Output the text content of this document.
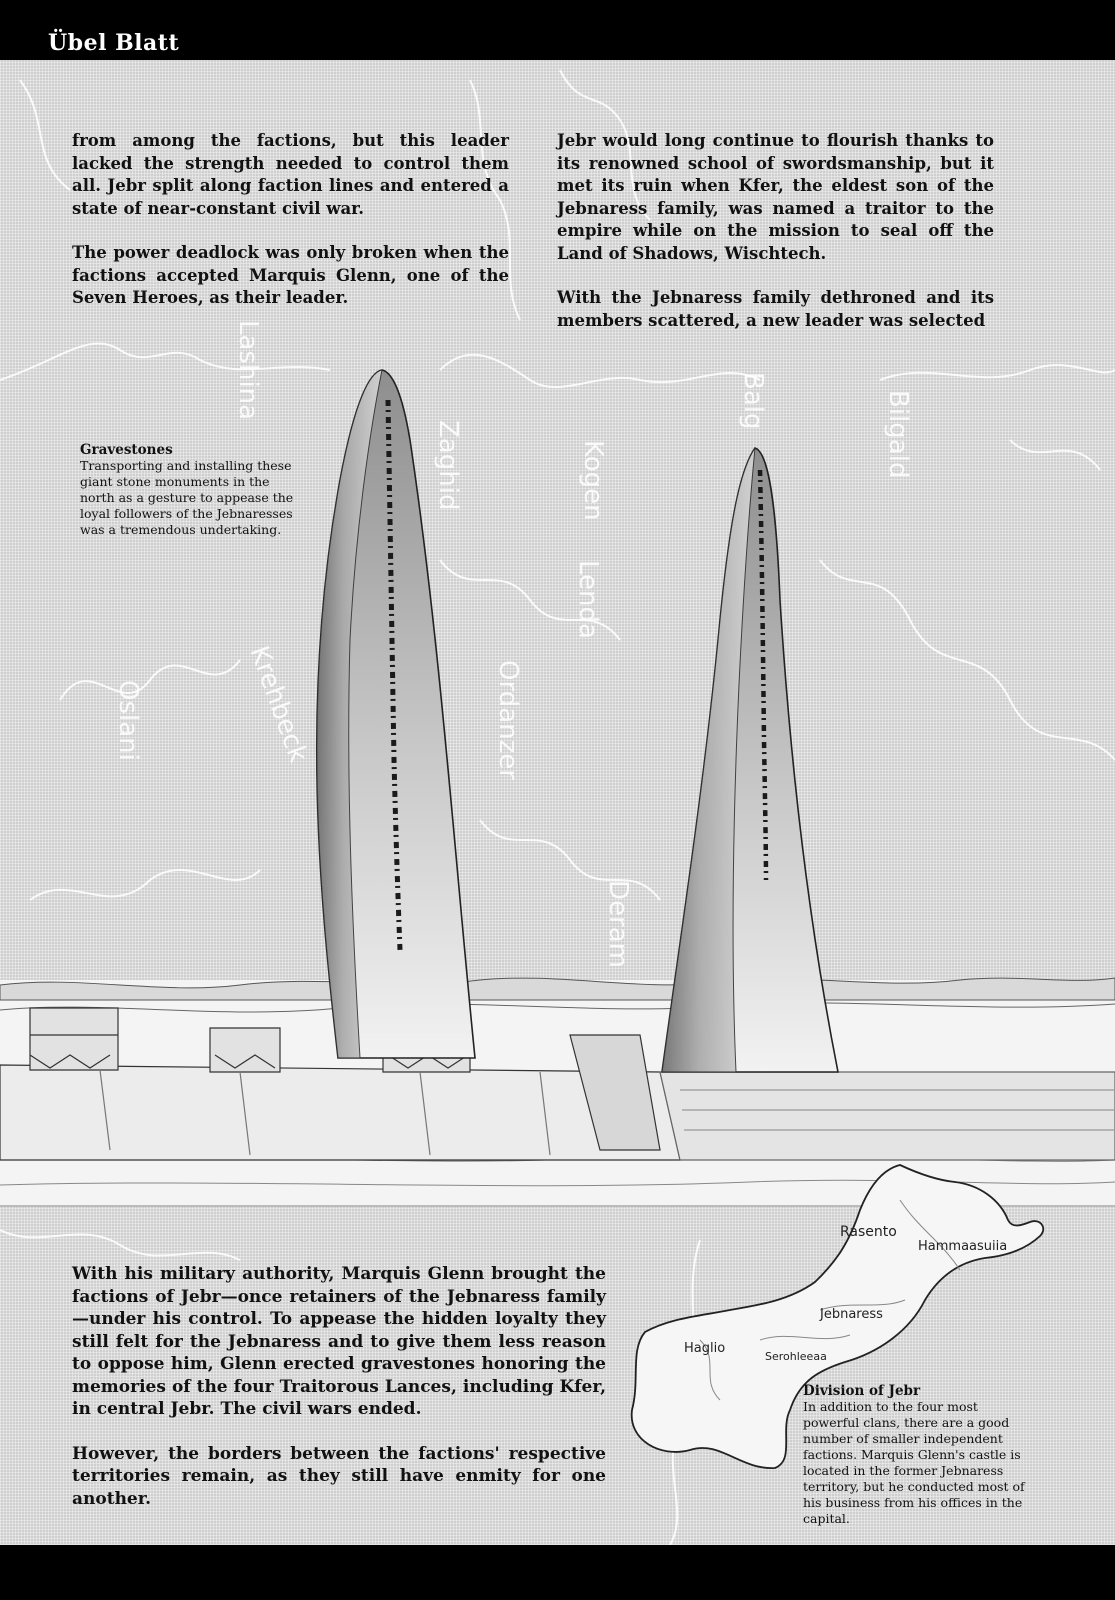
Übel Blatt
Bilgald
Balg
Zaghid
Lenda
Krehbeck
Oslani
Deram
Kogen
Lashina
Ordanzer
Rasento
Hammaasuiia
Jebnaress
Haglio
Serohleeaa

from among the factions, but this leader lacked the strength needed to control them all. Jebr split along faction lines and entered a state of near-constant civil war.

The power deadlock was only broken when the factions accepted Marquis Glenn, one of the Seven Heroes, as their leader.

Jebr would long continue to flourish thanks to its renowned school of swordsmanship, but it met its ruin when Kfer, the eldest son of the Jebnaress family, was named a traitor to the empire while on the mission to seal off the Land of Shadows, Wischtech.

With the Jebnaress family dethroned and its members scattered, a new leader was selected

With his military authority, Marquis Glenn brought the factions of Jebr—once retainers of the Jebnaress family—under his control. To appease the hidden loyalty they still felt for the Jebnaress and to give them less reason to oppose him, Glenn erected gravestones honoring the memories of the four Traitorous Lances, including Kfer, in central Jebr. The civil wars ended.

However, the borders between the factions' respective territories remain, as they still have enmity for one another.

Gravestones
Transporting and installing these giant stone monuments in the north as a gesture to appease the loyal followers of the Jebnaresses was a tremendous undertaking.
Division of Jebr
In addition to the four most powerful clans, there are a good number of smaller independent factions. Marquis Glenn's castle is located in the former Jebnaress territory, but he conducted most of his business from his offices in the capital.
